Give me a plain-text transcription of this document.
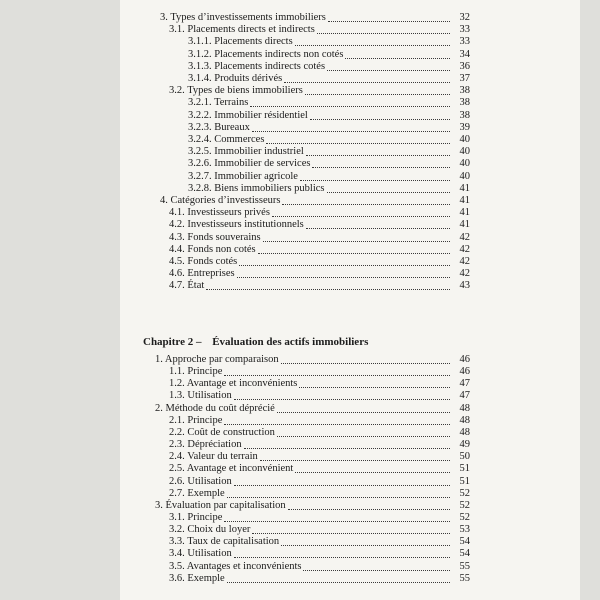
3. Types d’investissements immobiliers	32
3.1. Placements directs et indirects	33
3.1.1. Placements directs	33
3.1.2. Placements indirects non cotés	34
3.1.3. Placements indirects cotés	36
3.1.4. Produits dérivés	37
3.2. Types de biens immobiliers	38
3.2.1. Terrains	38
3.2.2. Immobilier résidentiel	38
3.2.3. Bureaux	39
3.2.4. Commerces	40
3.2.5. Immobilier industriel	40
3.2.6. Immobilier de services	40
3.2.7. Immobilier agricole	40
3.2.8. Biens immobiliers publics	41
4. Catégories d’investisseurs	41
4.1. Investisseurs privés	41
4.2. Investisseurs institutionnels	41
4.3. Fonds souverains	42
4.4. Fonds non cotés	42
4.5. Fonds cotés	42
4.6. Entreprises	42
4.7. État	43
1. Approche par comparaison	46
1.1. Principe	46
1.2. Avantage et inconvénients	47
1.3. Utilisation	47
2. Méthode du coût déprécié	48
2.1. Principe	48
2.2. Coût de construction	48
2.3. Dépréciation	49
2.4. Valeur du terrain	50
2.5. Avantage et inconvénient	51
2.6. Utilisation	51
2.7. Exemple	52
3. Évaluation par capitalisation	52
3.1. Principe	52
3.2. Choix du loyer	53
3.3. Taux de capitalisation	54
3.4. Utilisation	54
3.5. Avantages et inconvénients	55
3.6. Exemple	55
Chapitre 2 – Évaluation des actifs immobiliers
